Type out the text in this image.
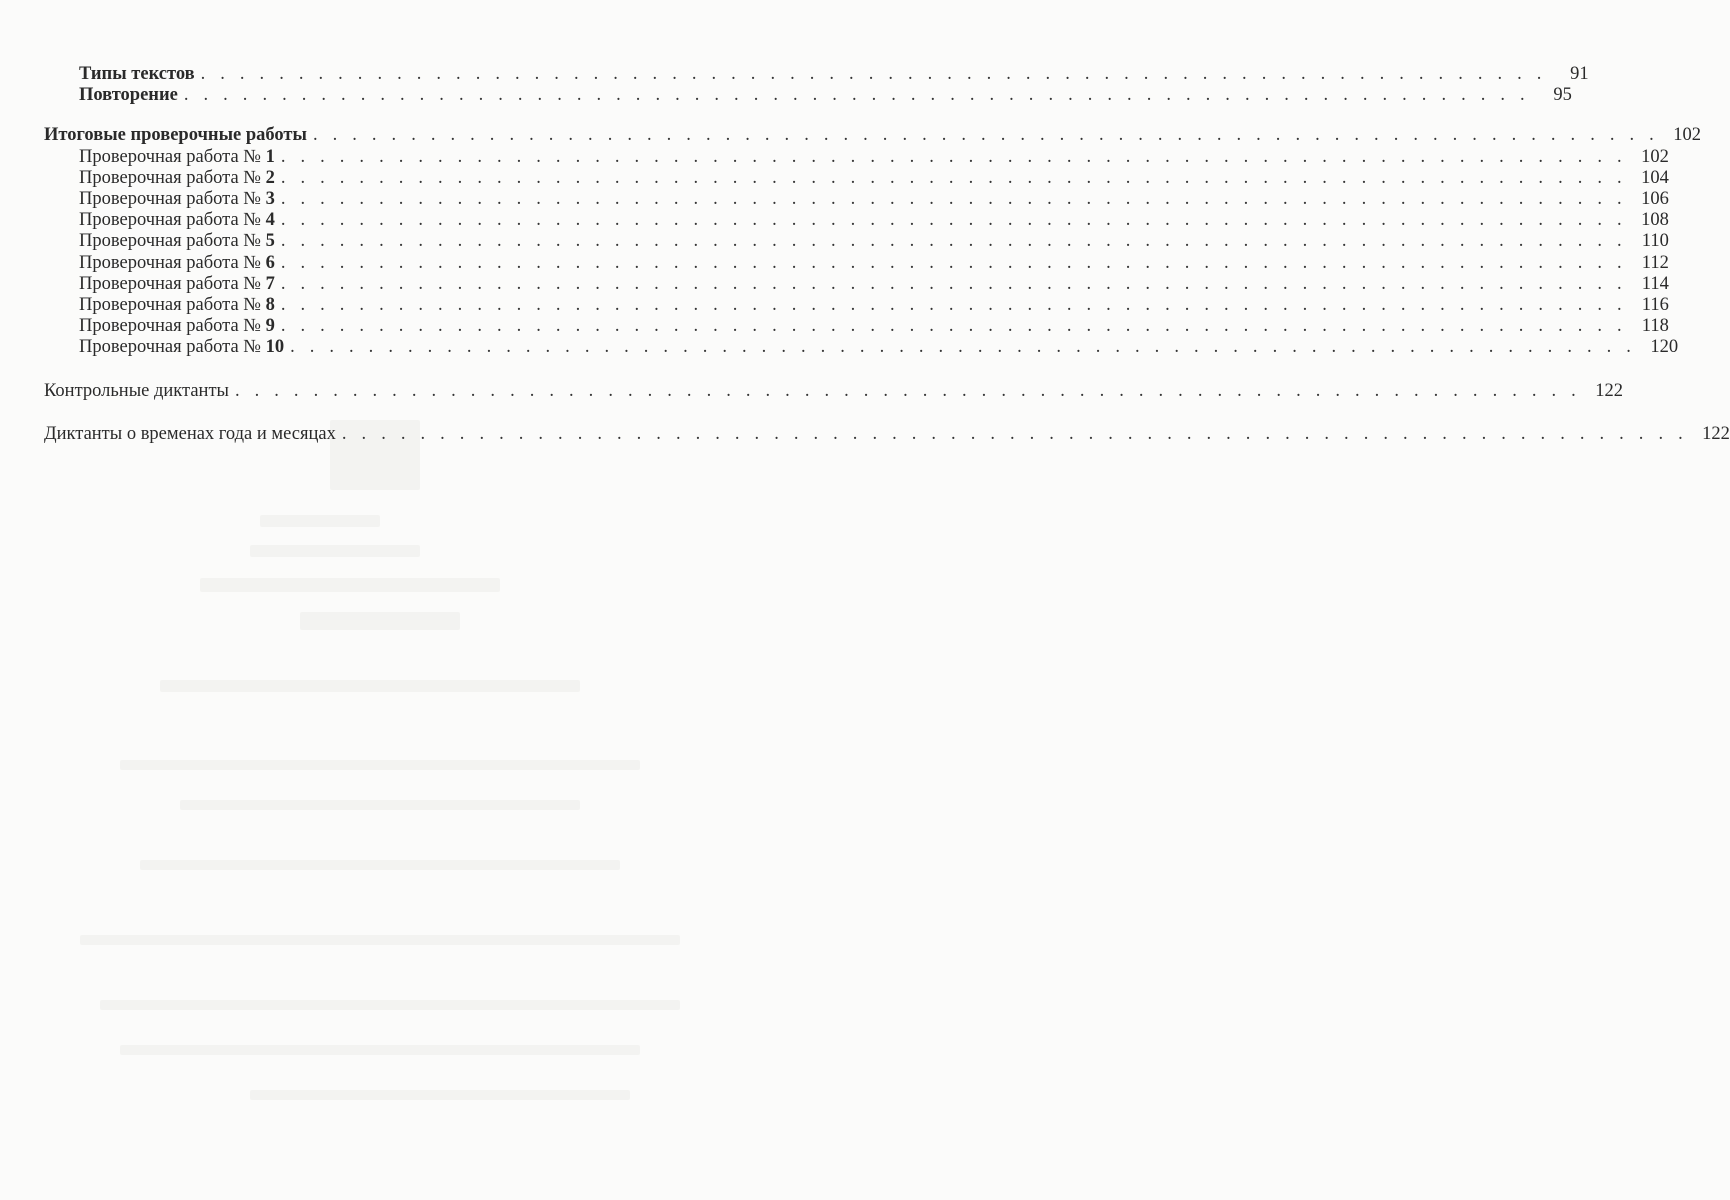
Типы текстов . . . . . . . . . . . . . . . . . . . . . . . . . . . . . . . . . . . . . . . . . . . . . . . . . . . . . . . . . . . . . . . . . . . . .	91
Повторение . . . . . . . . . . . . . . . . . . . . . . . . . . . . . . . . . . . . . . . . . . . . . . . . . . . . . . . . . . . . . . . . . . . . .	95
Итоговые проверочные работы . . . . . . . . . . . . . . . . . . . . . . . . . . . . . . . . . . . . . . . . . . . . . . . . . . . . . . . . . . . . . . . . . . . . . 102
Проверочная работа № 1 . . . . . . . . . . . . . . . . . . . . . . . . . . . . . . . . . . . . . . . . . . . . . . . . . . . . . . . . . . . . . . . . . . . . . 102
Проверочная работа № 2 . . . . . . . . . . . . . . . . . . . . . . . . . . . . . . . . . . . . . . . . . . . . . . . . . . . . . . . . . . . . . . . . . . . . . 104
Проверочная работа № 3 . . . . . . . . . . . . . . . . . . . . . . . . . . . . . . . . . . . . . . . . . . . . . . . . . . . . . . . . . . . . . . . . . . . . . 106
Проверочная работа № 4 . . . . . . . . . . . . . . . . . . . . . . . . . . . . . . . . . . . . . . . . . . . . . . . . . . . . . . . . . . . . . . . . . . . . . 108
Проверочная работа № 5 . . . . . . . . . . . . . . . . . . . . . . . . . . . . . . . . . . . . . . . . . . . . . . . . . . . . . . . . . . . . . . . . . . . . . 110
Проверочная работа № 6 . . . . . . . . . . . . . . . . . . . . . . . . . . . . . . . . . . . . . . . . . . . . . . . . . . . . . . . . . . . . . . . . . . . . . 112
Проверочная работа № 7 . . . . . . . . . . . . . . . . . . . . . . . . . . . . . . . . . . . . . . . . . . . . . . . . . . . . . . . . . . . . . . . . . . . . . 114
Проверочная работа № 8 . . . . . . . . . . . . . . . . . . . . . . . . . . . . . . . . . . . . . . . . . . . . . . . . . . . . . . . . . . . . . . . . . . . . . 116
Проверочная работа № 9 . . . . . . . . . . . . . . . . . . . . . . . . . . . . . . . . . . . . . . . . . . . . . . . . . . . . . . . . . . . . . . . . . . . . . 118
Проверочная работа № 10 . . . . . . . . . . . . . . . . . . . . . . . . . . . . . . . . . . . . . . . . . . . . . . . . . . . . . . . . . . . . . . . . . . . . . 120
Контрольные диктанты . . . . . . . . . . . . . . . . . . . . . . . . . . . . . . . . . . . . . . . . . . . . . . . . . . . . . . . . . . . . . . . . . . . . . 122
Диктанты о временах года и месяцах . . . . . . . . . . . . . . . . . . . . . . . . . . . . . . . . . . . . . . . . . . . . . . . . . . . . . . . . . . . . . . . . . . . . . 122
